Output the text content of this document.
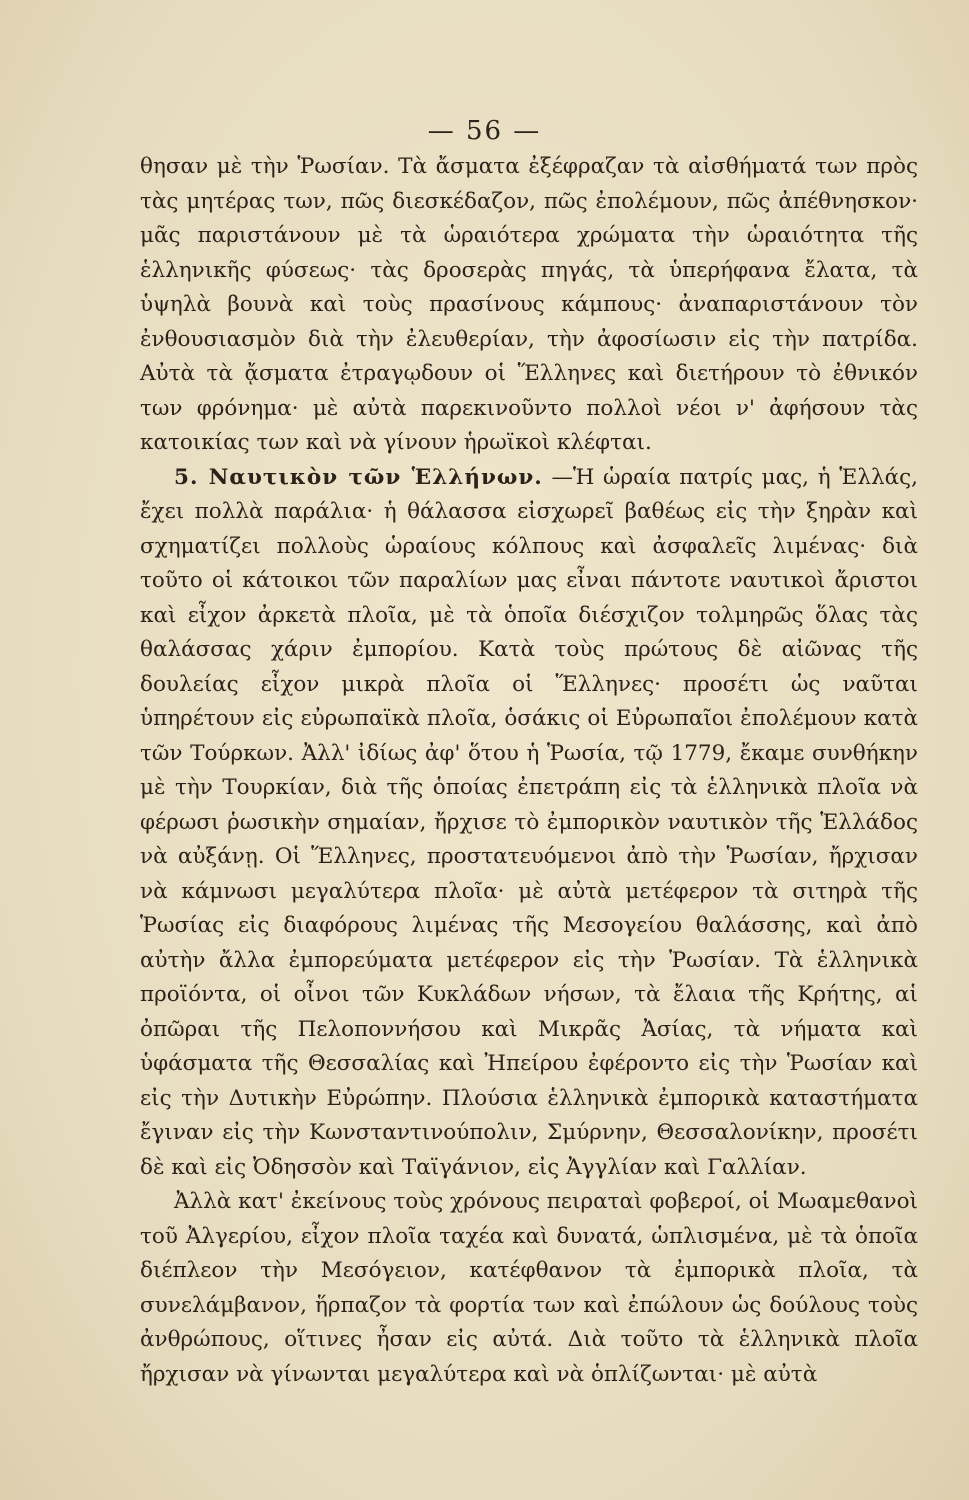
— 56 —

θησαν μὲ τὴν Ῥωσίαν. Τὰ ἄσματα ἐξέφραζαν τὰ αἰσθήματά των πρὸς τὰς μητέρας των, πῶς διεσκέδαζον, πῶς ἐπολέμουν, πῶς ἀπέθνησκον· μᾶς παριστάνουν μὲ τὰ ὡραιότερα χρώματα τὴν ὡραιότητα τῆς ἑλληνικῆς φύσεως· τὰς δροσερὰς πηγάς, τὰ ὑπερήφανα ἔλατα, τὰ ὑψηλὰ βουνὰ καὶ τοὺς πρασίνους κάμπους· ἀναπαριστάνουν τὸν ἐνθουσιασμὸν διὰ τὴν ἐλευθερίαν, τὴν ἀφοσίωσιν εἰς τὴν πατρίδα. Αὐτὰ τὰ ᾄσματα ἐτραγῳδουν οἱ Ἕλληνες καὶ διετήρουν τὸ ἐθνικόν των φρόνημα· μὲ αὐτὰ παρεκινοῦντο πολλοὶ νέοι ν' ἀφήσουν τὰς κατοικίας των καὶ νὰ γίνουν ἡρωϊκοὶ κλέφται.

5. Ναυτικὸν τῶν Ἑλλήνων. —Ἡ ὡραία πατρίς μας, ἡ Ἑλλάς, ἔχει πολλὰ παράλια· ἡ θάλασσα εἰσχωρεῖ βαθέως εἰς τὴν ξηρὰν καὶ σχηματίζει πολλοὺς ὡραίους κόλπους καὶ ἀσφαλεῖς λιμένας· διὰ τοῦτο οἱ κάτοικοι τῶν παραλίων μας εἶναι πάντοτε ναυτικοὶ ἄριστοι καὶ εἶχον ἀρκετὰ πλοῖα, μὲ τὰ ὁποῖα διέσχιζον τολμηρῶς ὅλας τὰς θαλάσσας χάριν ἐμπορίου. Κατὰ τοὺς πρώτους δὲ αἰῶνας τῆς δουλείας εἶχον μικρὰ πλοῖα οἱ Ἕλληνες· προσέτι ὡς ναῦται ὑπηρέτουν εἰς εὐρωπαϊκὰ πλοῖα, ὁσάκις οἱ Εὐρωπαῖοι ἐπολέμουν κατὰ τῶν Τούρκων. Ἀλλ' ἰδίως ἀφ' ὅτου ἡ Ῥωσία, τῷ 1779, ἔκαμε συνθήκην μὲ τὴν Τουρκίαν, διὰ τῆς ὁποίας ἐπετράπη εἰς τὰ ἑλληνικὰ πλοῖα νὰ φέρωσι ῥωσικὴν σημαίαν, ἤρχισε τὸ ἐμπορικὸν ναυτικὸν τῆς Ἑλλάδος νὰ αὐξάνῃ. Οἱ Ἕλληνες, προστατευόμενοι ἀπὸ τὴν Ῥωσίαν, ἤρχισαν νὰ κάμνωσι μεγαλύτερα πλοῖα· μὲ αὐτὰ μετέφερον τὰ σιτηρὰ τῆς Ῥωσίας εἰς διαφόρους λιμένας τῆς Μεσογείου θαλάσσης, καὶ ἀπὸ αὐτὴν ἄλλα ἐμπορεύματα μετέφερον εἰς τὴν Ῥωσίαν. Τὰ ἑλληνικὰ προϊόντα, οἱ οἶνοι τῶν Κυκλάδων νήσων, τὰ ἔλαια τῆς Κρήτης, αἱ ὀπῶραι τῆς Πελοποννήσου καὶ Μικρᾶς Ἀσίας, τὰ νήματα καὶ ὑφάσματα τῆς Θεσσαλίας καὶ Ἠπείρου ἐφέροντο εἰς τὴν Ῥωσίαν καὶ εἰς τὴν Δυτικὴν Εὐρώπην. Πλούσια ἑλληνικὰ ἐμπορικὰ καταστήματα ἔγιναν εἰς τὴν Κωνσταντινούπολιν, Σμύρνην, Θεσσαλονίκην, προσέτι δὲ καὶ εἰς Ὀδησσὸν καὶ Ταϊγάνιον, εἰς Ἀγγλίαν καὶ Γαλλίαν.

Ἀλλὰ κατ' ἐκείνους τοὺς χρόνους πειραταὶ φοβεροί, οἱ Μωαμεθανοὶ τοῦ Ἀλγερίου, εἶχον πλοῖα ταχέα καὶ δυνατά, ὡπλισμένα, μὲ τὰ ὁποῖα διέπλεον τὴν Μεσόγειον, κατέφθανον τὰ ἐμπορικὰ πλοῖα, τὰ συνελάμβανον, ἥρπαζον τὰ φορτία των καὶ ἐπώλουν ὡς δούλους τοὺς ἀνθρώπους, οἵτινες ἦσαν εἰς αὐτά. Διὰ τοῦτο τὰ ἑλληνικὰ πλοῖα ἤρχισαν νὰ γίνωνται μεγαλύτερα καὶ νὰ ὁπλίζωνται· μὲ αὐτὰ
